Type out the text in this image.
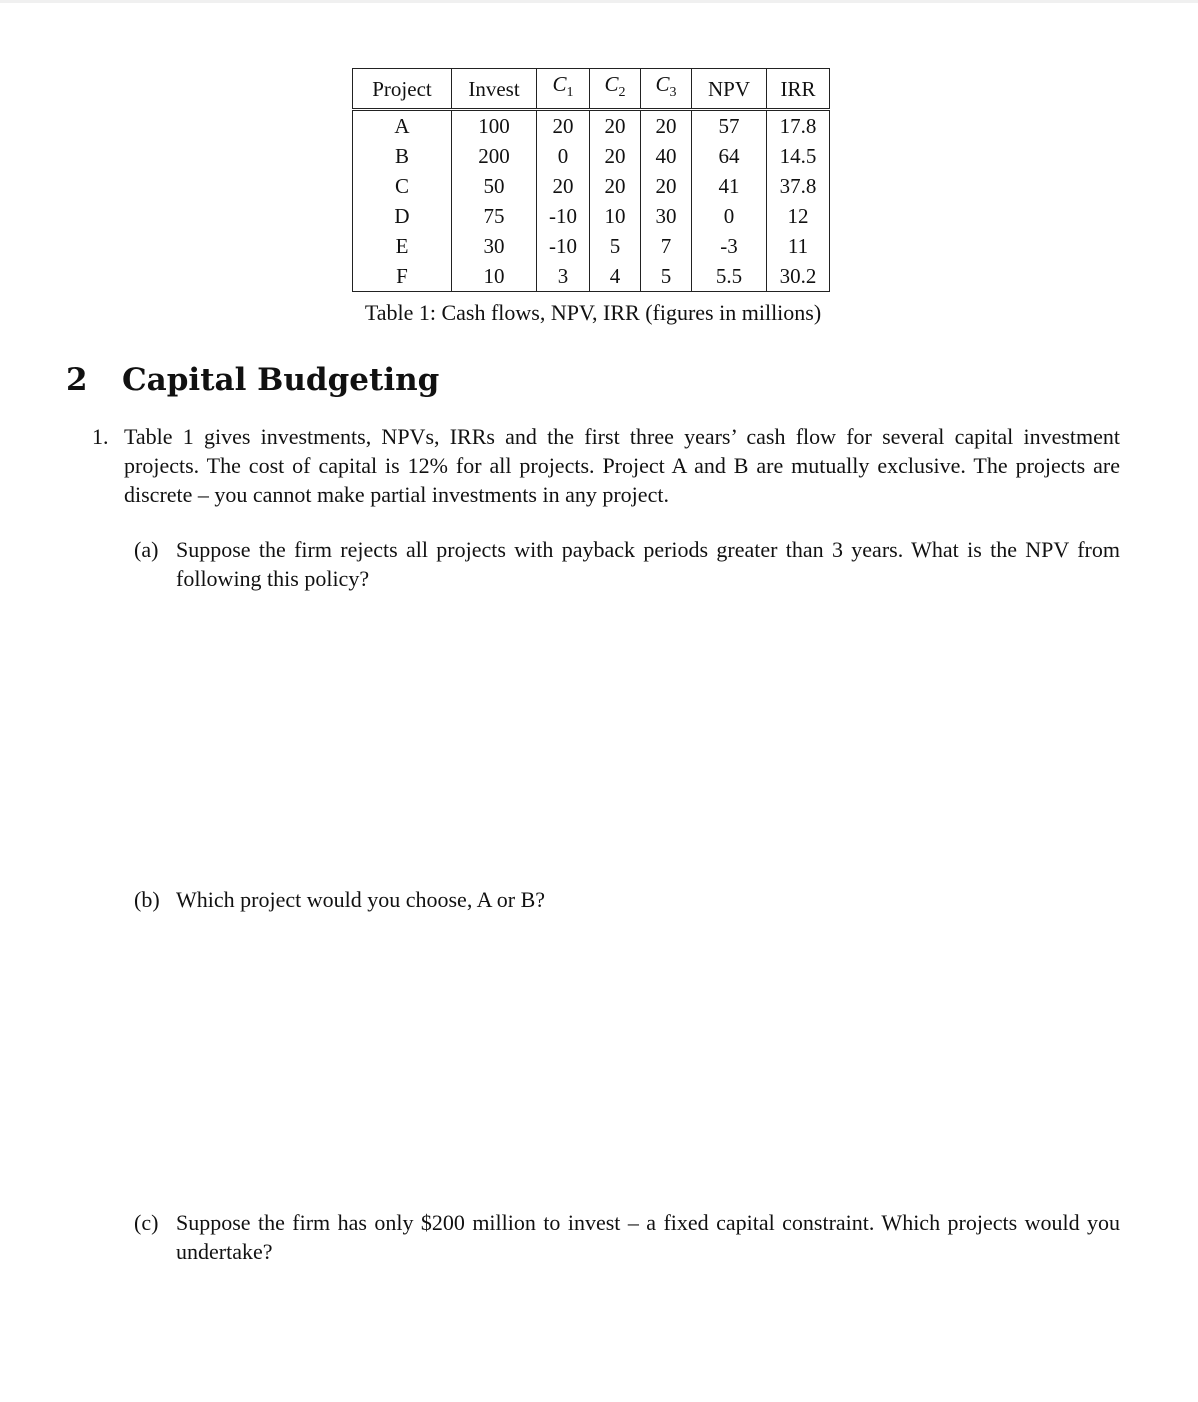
Project	Invest	$C_1$	$C_2$	$C_3$	NPV	IRR
A	100	20	20	20	57	17.8
B	200	0	20	40	64	14.5
C	50	20	20	20	41	37.8
D	75	-10	10	30	0	12
E	30	-10	5	7	-3	11
F	10	3	4	5	5.5	30.2
Table 1: Cash flows, NPV, IRR (figures in millions)
2 Capital Budgeting
1. Table 1 gives investments, NPVs, IRRs and the first three years’ cash flow for several capital investment projects. The cost of capital is 12% for all projects. Project A and B are mutually exclusive. The projects are discrete – you cannot make partial investments in any project.
(a) Suppose the firm rejects all projects with payback periods greater than 3 years. What is the NPV from following this policy?
(b) Which project would you choose, A or B?
(c) Suppose the firm has only $200 million to invest – a fixed capital constraint. Which projects would you undertake?
